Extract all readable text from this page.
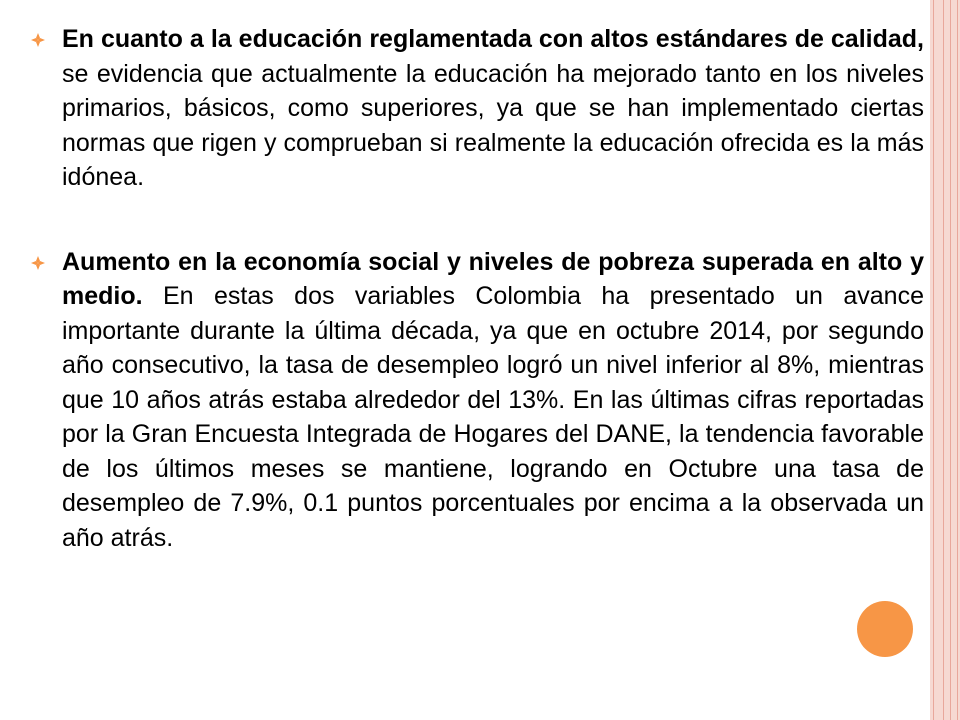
En cuanto a la educación reglamentada con altos estándares de calidad, se evidencia que actualmente la educación ha mejorado tanto en los niveles primarios, básicos, como superiores, ya que se han implementado ciertas normas que rigen y comprueban si realmente la educación ofrecida es la más idónea.

Aumento en la economía social y niveles de pobreza superada en alto y medio. En estas dos variables Colombia ha presentado un avance importante durante la última década, ya que en octubre 2014, por segundo año consecutivo, la tasa de desempleo logró un nivel inferior al 8%, mientras que 10 años atrás estaba alrededor del 13%. En las últimas cifras reportadas por la Gran Encuesta Integrada de Hogares del DANE, la tendencia favorable de los últimos meses se mantiene, logrando en Octubre una tasa de desempleo de 7.9%, 0.1 puntos porcentuales por encima a la observada un año atrás.
